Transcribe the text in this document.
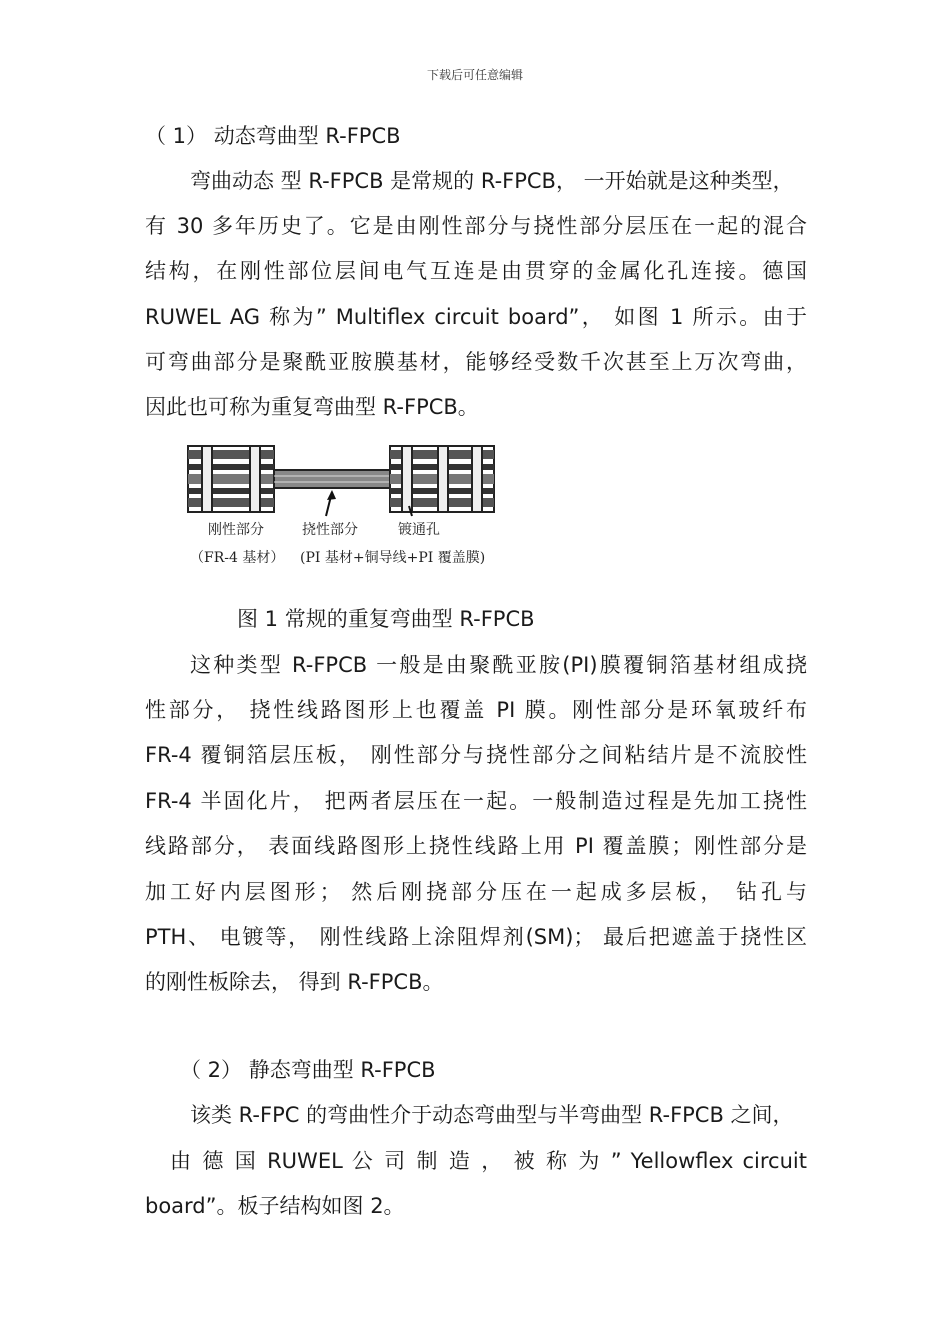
下载后可任意编辑
（ 1） 动态弯曲型 R-FPCB
弯曲动态 型 R-FPCB 是常规的 R-FPCB， 一开始就是这种类型，
有 30 多年历史了。它是由刚性部分与挠性部分层压在一起的混合
结构，在刚性部位层间电气互连是由贯穿的金属化孔连接。德国
RUWEL AG 称为” Multiflex circuit board”， 如图 1 所示。由于
可弯曲部分是聚酰亚胺膜基材，能够经受数千次甚至上万次弯曲，
因此也可称为重复弯曲型 R-FPCB。
刚性部分	挠性部分	镀通孔
（FR-4 基材） (PI 基材+铜导线+PI 覆盖膜)
图 1 常规的重复弯曲型 R-FPCB
这种类型 R-FPCB 一般是由聚酰亚胺(PI)膜覆铜箔基材组成挠
性部分， 挠性线路图形上也覆盖 PI 膜。刚性部分是环氧玻纤布
FR-4 覆铜箔层压板， 刚性部分与挠性部分之间粘结片是不流胶性
FR-4 半固化片， 把两者层压在一起。一般制造过程是先加工挠性
线路部分， 表面线路图形上挠性线路上用 PI 覆盖膜；刚性部分是
加工好内层图形； 然后刚挠部分压在一起成多层板， 钻孔与
PTH、 电镀等， 刚性线路上涂阻焊剂(SM)； 最后把遮盖于挠性区
的刚性板除去， 得到 R-FPCB。
（ 2） 静态弯曲型 R-FPCB
该类 R-FPC 的弯曲性介于动态弯曲型与半弯曲型 R-FPCB 之间，
由 德 国 RUWEL 公 司 制 造 ， 被 称 为 ” Yellowflex circuit
board”。板子结构如图 2。
